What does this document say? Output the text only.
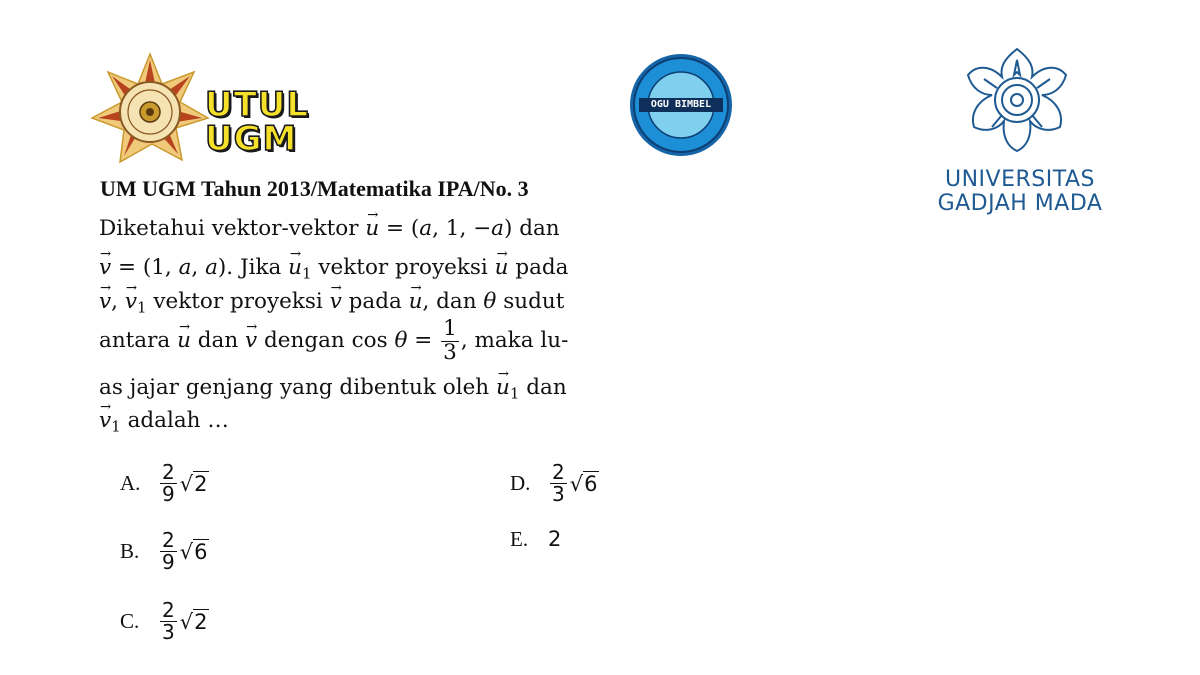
UTUL UGM
OGU BIMBEL
UNIVERSITAS
GADJAH MADA
UM UGM Tahun 2013/Matematika IPA/No. 3
Diketahui vektor-vektor → u = (a, 1, −a) dan
→ v = (1, a, a). Jika → $u_1$ vektor proyeksi → u pada
→ v, → $v_1$ vektor proyeksi → v pada → u, dan θ sudut
antara → u dan → v dengan $\cos \theta = \frac{1}{3}$ , maka lu-
as jajar genjang yang dibentuk oleh → $u_1$ dan
→ $v_1$ adalah …
A. $\frac{2}{9} √2$
B. $\frac{2}{9} √6$
C. $\frac{2}{3} √2$
D. $\frac{2}{3} √6$
E. 2
